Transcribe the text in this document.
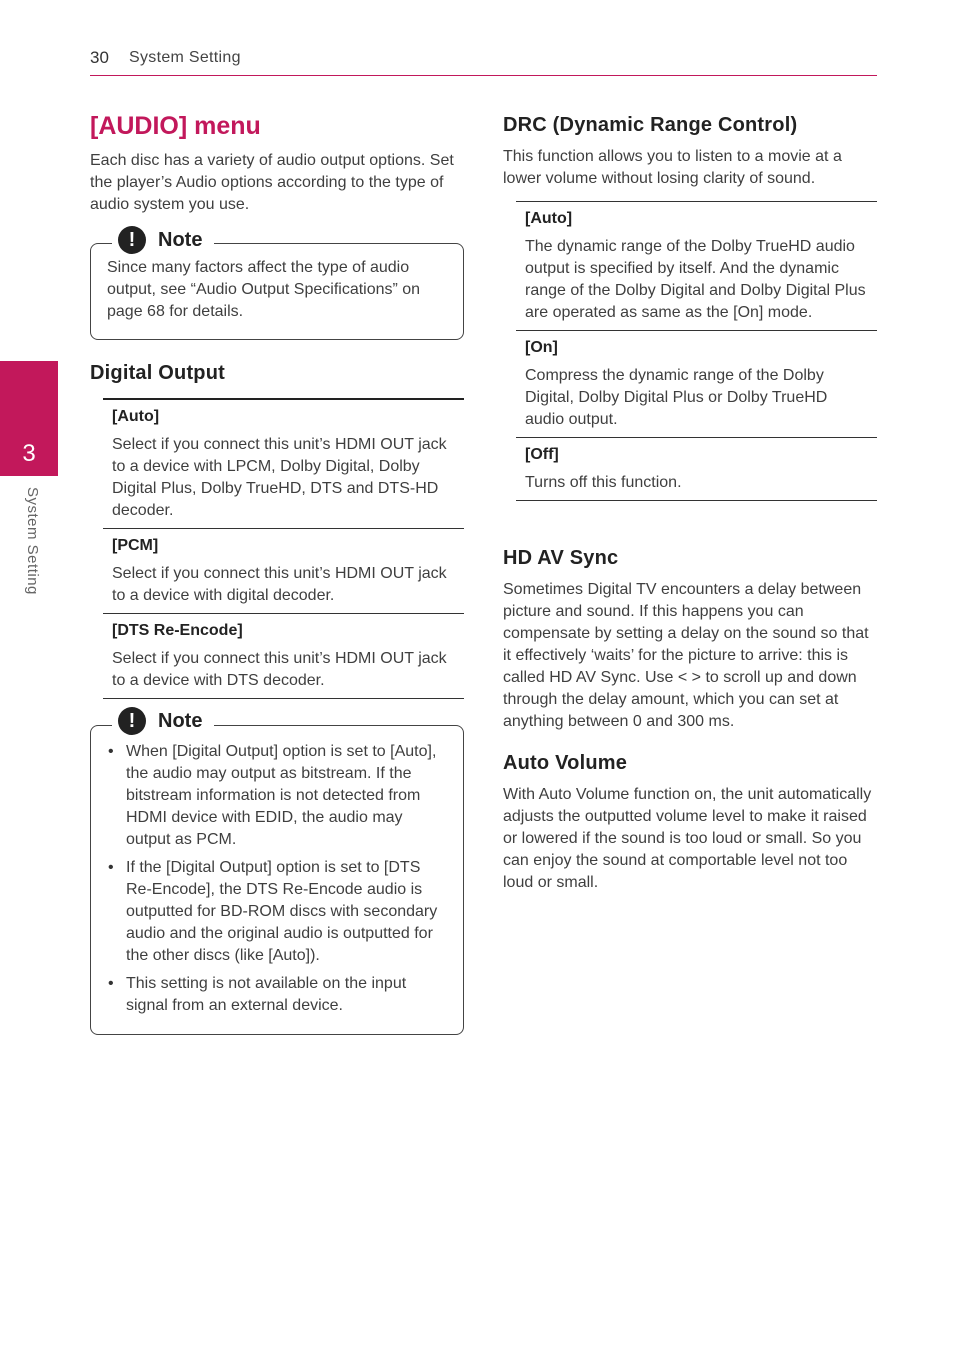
30 System Setting
3
System Setting
[AUDIO] menu

Each disc has a variety of audio output options. Set the player’s Audio options according to the type of audio system you use.

!	Note

Since many factors affect the type of audio output, see “Audio Output Specifications” on page 68 for details.

Digital Output
[Auto]
Select if you connect this unit’s HDMI OUT jack to a device with LPCM, Dolby Digital, Dolby Digital Plus, Dolby TrueHD, DTS and DTS-HD decoder.
[PCM]
Select if you connect this unit’s HDMI OUT jack to a device with digital decoder.
[DTS Re-Encode]
Select if you connect this unit’s HDMI OUT jack to a device with DTS decoder.
!	Note
• When [Digital Output] option is set to [Auto], the audio may output as bitstream. If the bitstream information is not detected from HDMI device with EDID, the audio may output as PCM.
• If the [Digital Output] option is set to [DTS Re-Encode], the DTS Re-Encode audio is outputted for BD-ROM discs with secondary audio and the original audio is outputted for the other discs (like [Auto]).
• This setting is not available on the input signal from an external device.
DRC (Dynamic Range Control)

This function allows you to listen to a movie at a lower volume without losing clarity of sound.

[Auto]
The dynamic range of the Dolby TrueHD audio output is specified by itself. And the dynamic range of the Dolby Digital and Dolby Digital Plus are operated as same as the [On] mode.
[On]
Compress the dynamic range of the Dolby Digital, Dolby Digital Plus or Dolby TrueHD audio output.
[Off]
Turns off this function.
HD AV Sync

Sometimes Digital TV encounters a delay between picture and sound. If this happens you can compensate by setting a delay on the sound so that it effectively ‘waits’ for the picture to arrive: this is called HD AV Sync. Use < > to scroll up and down through the delay amount, which you can set at anything between 0 and 300 ms.

Auto Volume

With Auto Volume function on, the unit automatically adjusts the outputted volume level to make it raised or lowered if the sound is too loud or small. So you can enjoy the sound at comportable level not too loud or small.
